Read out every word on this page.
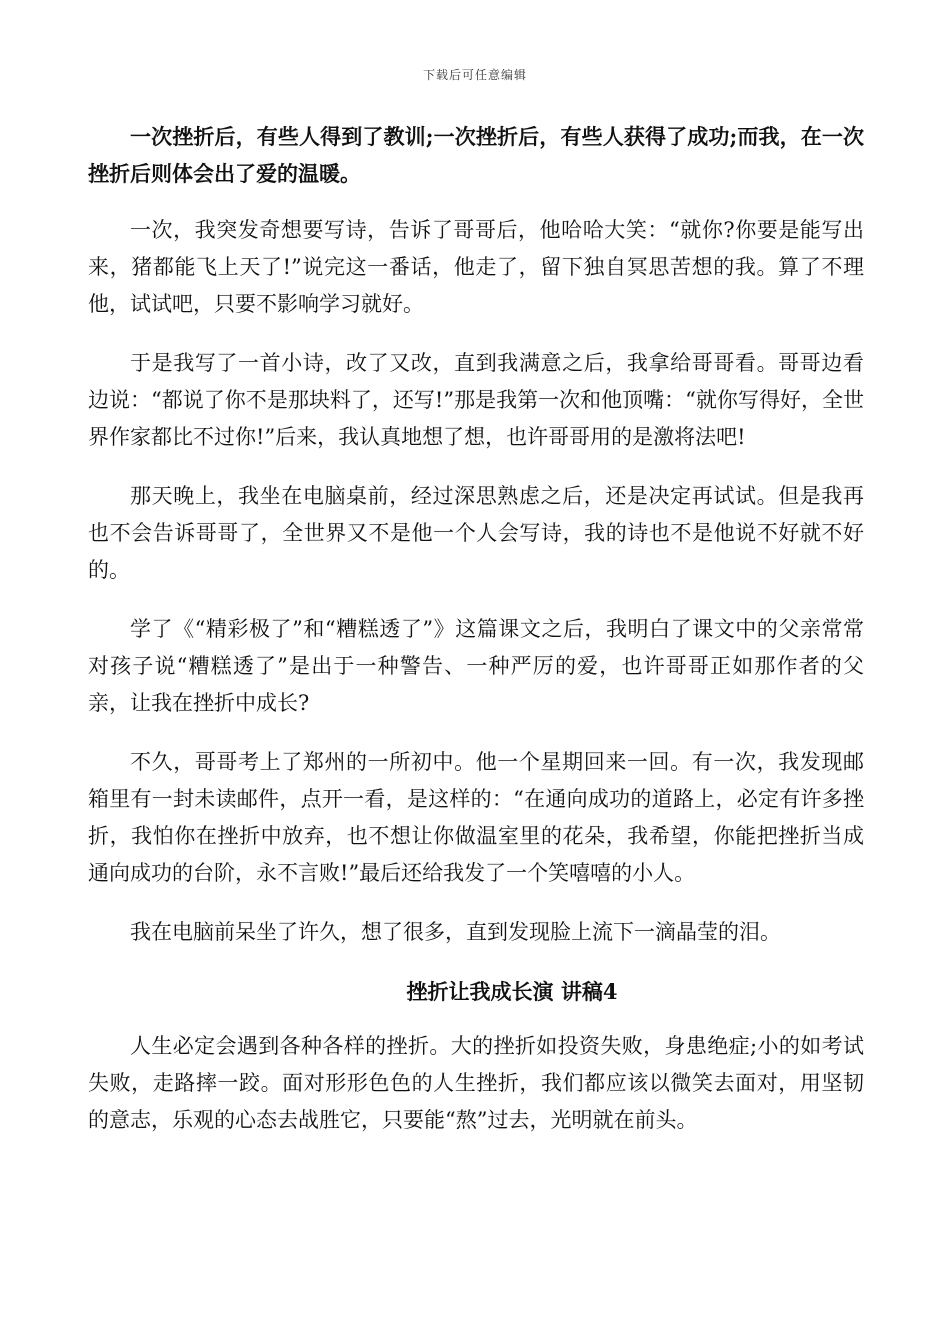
下载后可任意编辑

一次挫折后，有些人得到了教训;一次挫折后，有些人获得了成功;而我，在一次挫折后则体会出了爱的温暖。

一次，我突发奇想要写诗，告诉了哥哥后，他哈哈大笑：“就你?你要是能写出来，猪都能飞上天了!”说完这一番话，他走了，留下独自冥思苦想的我。算了不理他，试试吧，只要不影响学习就好。

于是我写了一首小诗，改了又改，直到我满意之后，我拿给哥哥看。哥哥边看边说：“都说了你不是那块料了，还写!”那是我第一次和他顶嘴：“就你写得好，全世界作家都比不过你!”后来，我认真地想了想，也许哥哥用的是激将法吧!

那天晚上，我坐在电脑桌前，经过深思熟虑之后，还是决定再试试。但是我再也不会告诉哥哥了，全世界又不是他一个人会写诗，我的诗也不是他说不好就不好的。

学了《“精彩极了”和“糟糕透了”》这篇课文之后，我明白了课文中的父亲常常对孩子说“糟糕透了”是出于一种警告、一种严厉的爱，也许哥哥正如那作者的父亲，让我在挫折中成长?

不久，哥哥考上了郑州的一所初中。他一个星期回来一回。有一次，我发现邮箱里有一封未读邮件，点开一看，是这样的：“在通向成功的道路上，必定有许多挫折，我怕你在挫折中放弃，也不想让你做温室里的花朵，我希望，你能把挫折当成通向成功的台阶，永不言败!”最后还给我发了一个笑嘻嘻的小人。

我在电脑前呆坐了许久，想了很多，直到发现脸上流下一滴晶莹的泪。

挫折让我成长演 讲稿4

人生必定会遇到各种各样的挫折。大的挫折如投资失败，身患绝症;小的如考试失败，走路摔一跤。面对形形色色的人生挫折，我们都应该以微笑去面对，用坚韧的意志，乐观的心态去战胜它，只要能“熬”过去，光明就在前头。
